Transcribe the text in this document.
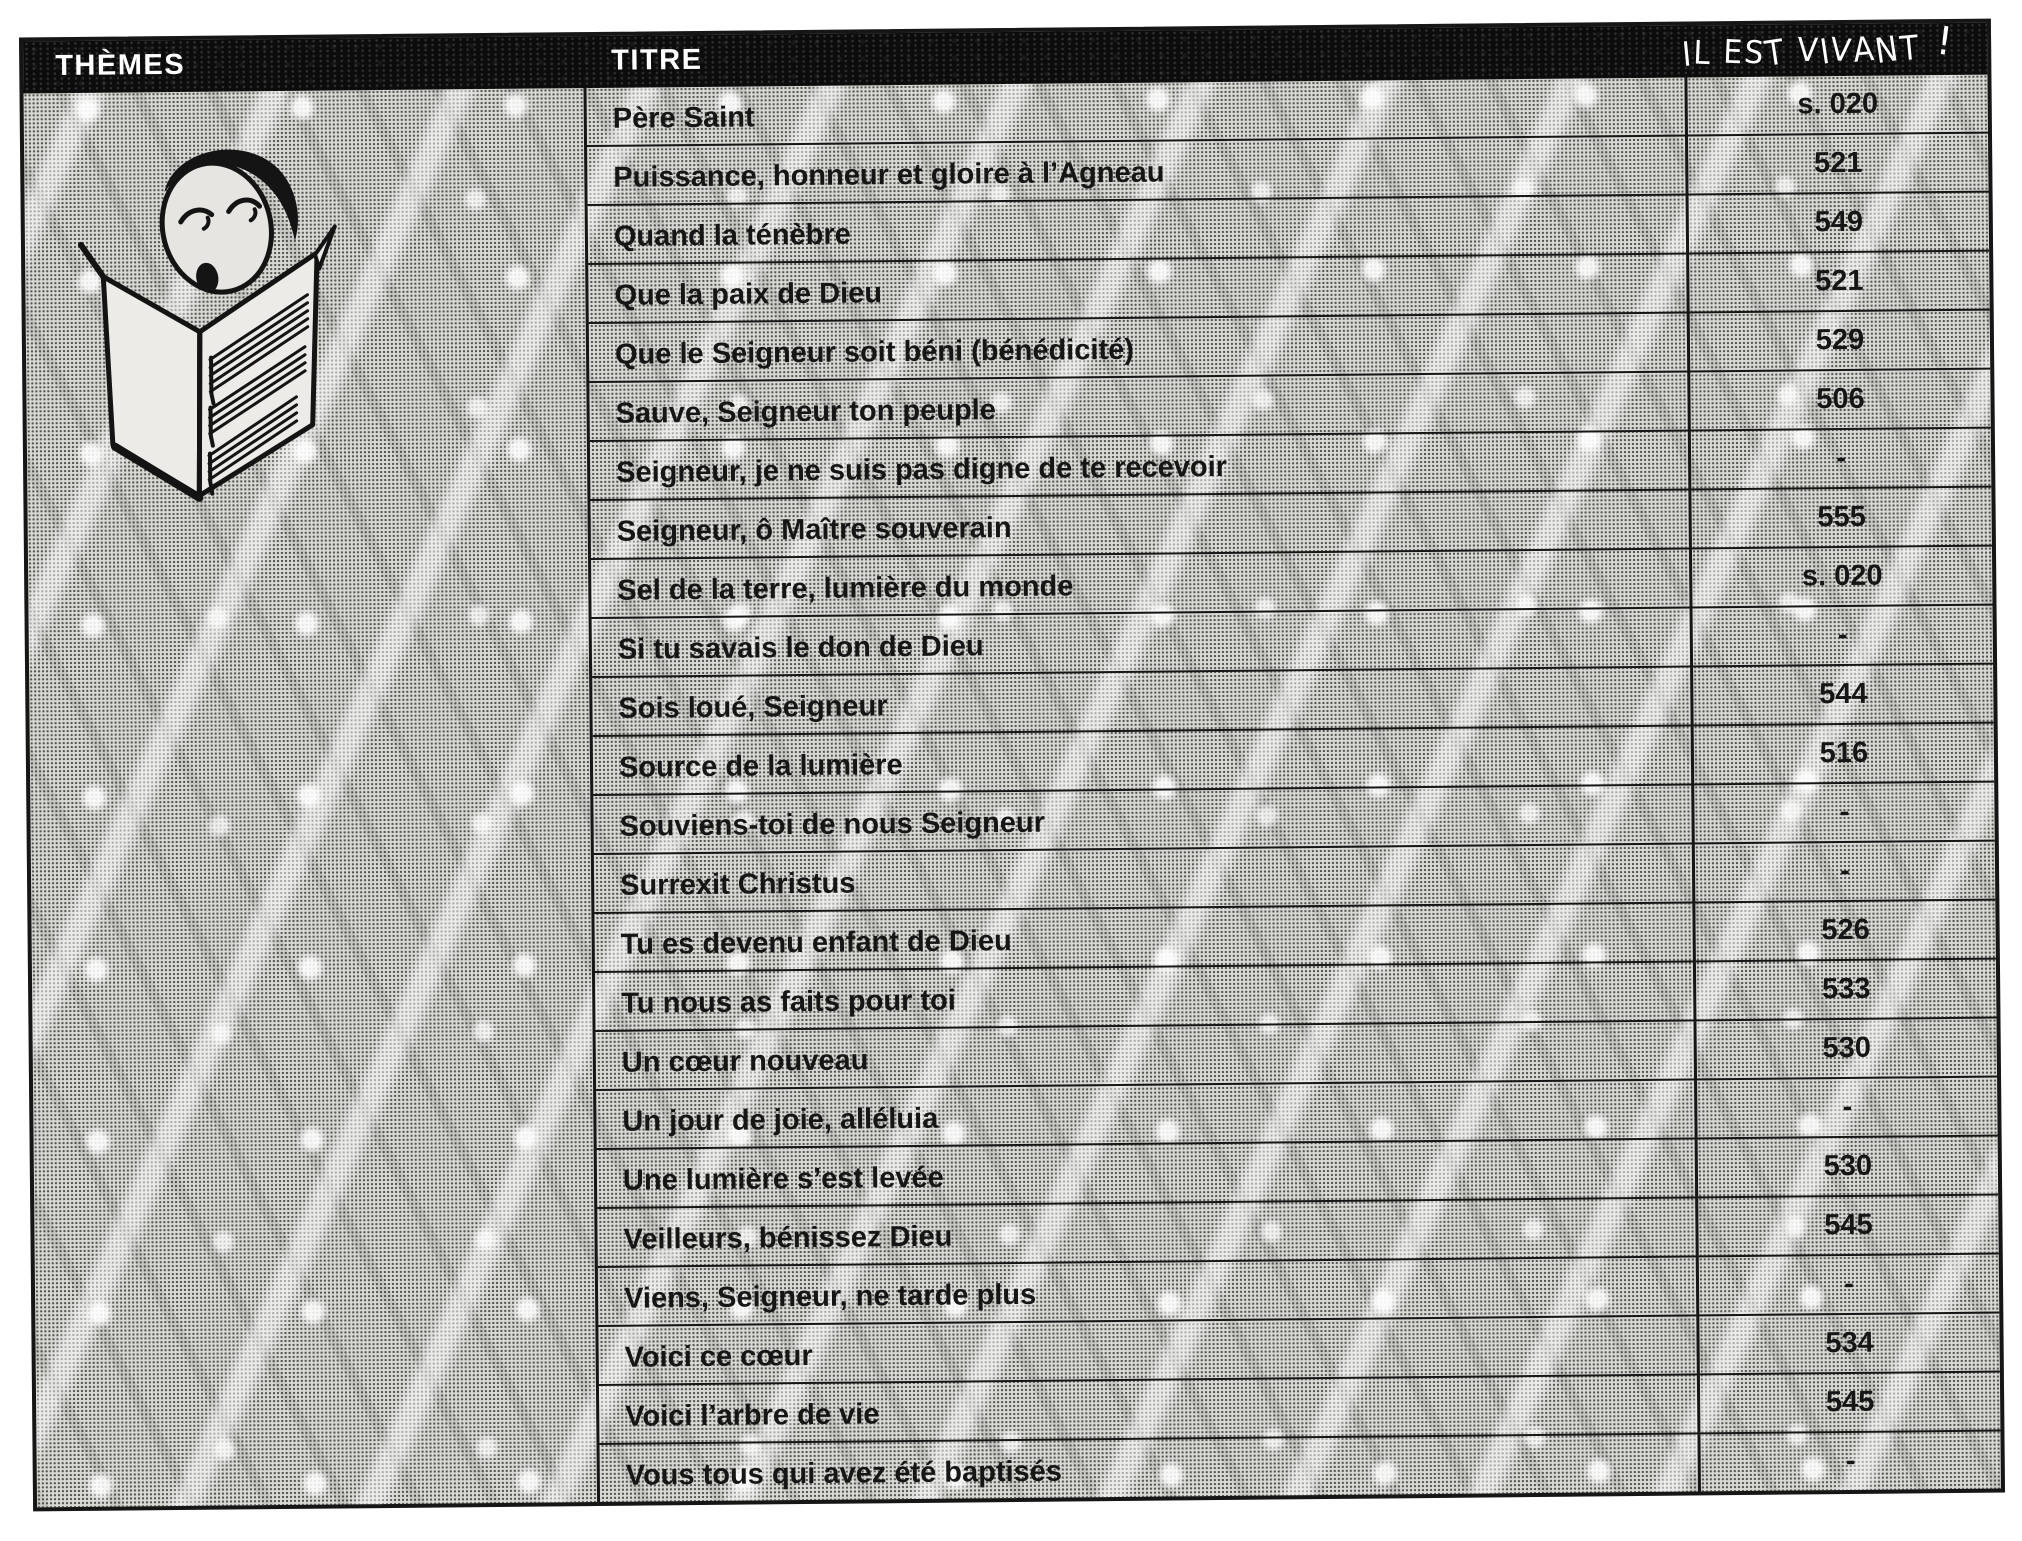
THÈMES	TITRE	IL EST VIVANT !
Père Saint	s. 020
Puissance, honneur et gloire à l’Agneau	521
Quand la ténèbre	549
Que la paix de Dieu	521
Que le Seigneur soit béni (bénédicité)	529
Sauve, Seigneur ton peuple	506
Seigneur, je ne suis pas digne de te recevoir	-
Seigneur, ô Maître souverain	555
Sel de la terre, lumière du monde	s. 020
Si tu savais le don de Dieu	-
Sois loué, Seigneur	544
Source de la lumière	516
Souviens-toi de nous Seigneur	-
Surrexit Christus	-
Tu es devenu enfant de Dieu	526
Tu nous as faits pour toi	533
Un cœur nouveau	530
Un jour de joie, alléluia	-
Une lumière s’est levée	530
Veilleurs, bénissez Dieu	545
Viens, Seigneur, ne tarde plus	-
Voici ce cœur	534
Voici l’arbre de vie	545
Vous tous qui avez été baptisés	-
